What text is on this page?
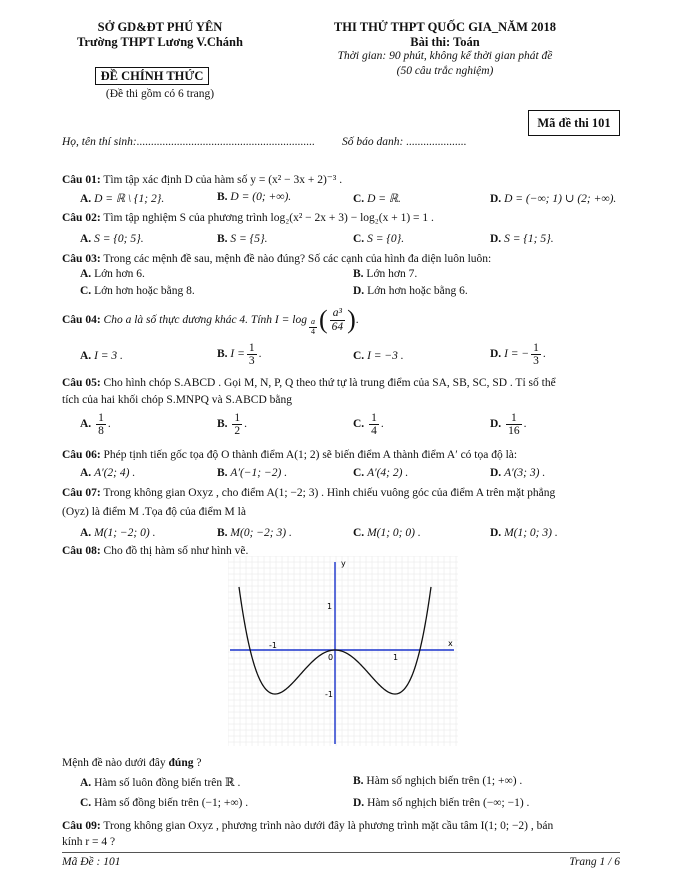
SỞ GD&ĐT PHÚ YÊN
Trường THPT Lương V.Chánh
ĐỀ CHÍNH THỨC
(Đề thi gồm có 6 trang)
THI THỬ THPT QUỐC GIA_NĂM 2018
Bài thi: Toán
Thời gian: 90 phút, không kể thời gian phát đề
(50 câu trắc nghiệm)
Mã đề thi 101
Họ, tên thí sinh:.............................................................. Số báo danh: .....................
Câu 01: Tìm tập xác định D của hàm số y = (x² − 3x + 2)⁻³ .
A. D = ℝ \ {1; 2}.	B. D = (0; +∞).	C. D = ℝ.	D. D = (−∞; 1) ∪ (2; +∞).
Câu 02: Tìm tập nghiệm S của phương trình log₂(x² − 2x + 3) − log₂(x + 1) = 1 .
A. S = {0; 5}.	B. S = {5}.	C. S = {0}.	D. S = {1; 5}.
Câu 03: Trong các mệnh đề sau, mệnh đề nào đúng? Số các cạnh của hình đa diện luôn luôn:
A. Lớn hơn 6.	B. Lớn hơn 7.
C. Lớn hơn hoặc bằng 8.	D. Lớn hơn hoặc bằng 6.
Câu 04:
Cho a là số thực dương khác 4. Tính $I = \log \frac{a}{4}$ ( $\frac{\text{a³}}{64}$ ) .
A. I = 3 .	B. $I = \frac{1}{3}$ .	C. I = −3 .	D. I = − $\frac{1}{3}$ .
Câu 05: Cho hình chóp S.ABCD . Gọi M, N, P, Q theo thứ tự là trung điểm của SA, SB, SC, SD . Tỉ số thể
tích của hai khối chóp S.MNPQ và S.ABCD bằng
A. $\frac{1}{8}$ .	B. $\frac{1}{2}$ .	C. $\frac{1}{4}$ .	D. $\frac{1}{16}$ .
Câu 06: Phép tịnh tiến gốc tọa độ O thành điểm A(1; 2) sẽ biến điểm A thành điểm A′ có tọa độ là:
A. A′(2; 4) .	B. A′(−1; −2) .	C. A′(4; 2) .	D. A′(3; 3) .
Câu 07: Trong không gian Oxyz , cho điểm A(1; −2; 3) . Hình chiếu vuông góc của điểm A trên mặt phẳng
(Oyz) là điểm M .Tọa độ của điểm M là
A. M(1; −2; 0) .	B. M(0; −2; 3) .	C. M(1; 0; 0) .	D. M(1; 0; 3) .
Câu 08: Cho đồ thị hàm số như hình vẽ.
x
y
-1
1
0
1
-1
Mệnh đề nào dưới đây đúng ?
A. Hàm số luôn đồng biến trên ℝ .	B. Hàm số nghịch biến trên (1; +∞) .
C. Hàm số đồng biến trên (−1; +∞) .	D. Hàm số nghịch biến trên (−∞; −1) .
Câu 09: Trong không gian Oxyz , phương trình nào dưới đây là phương trình mặt cầu tâm I(1; 0; −2) , bán
kính r = 4 ?
Mã Đề : 101	Trang 1 / 6
